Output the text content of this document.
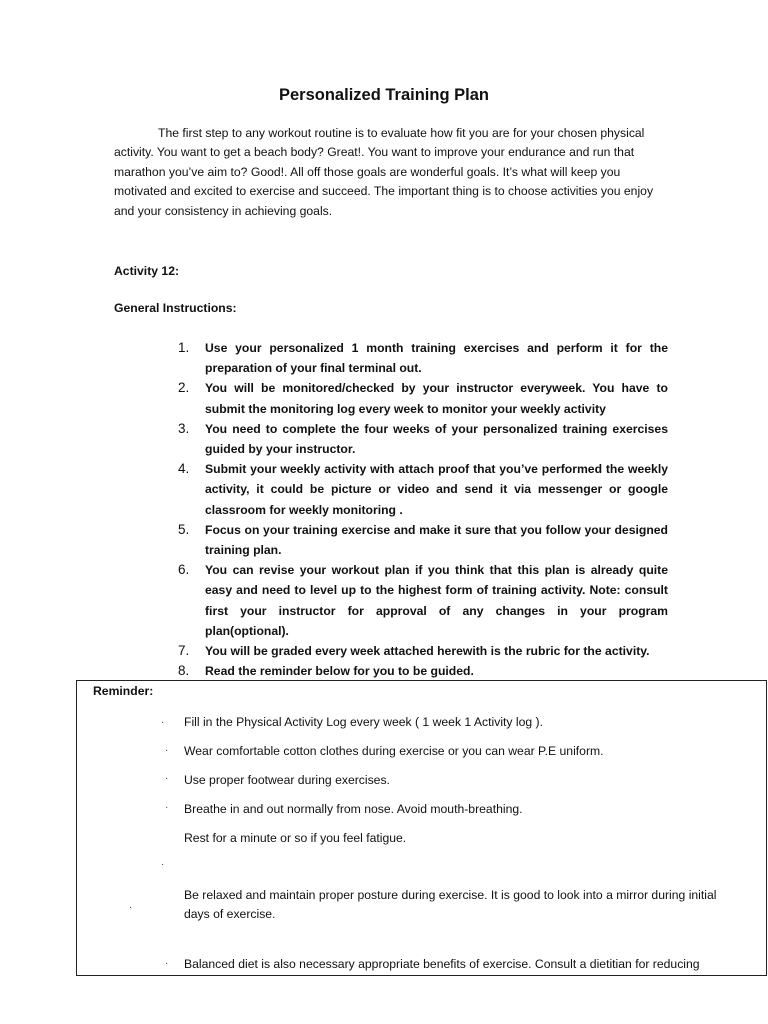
Personalized Training Plan

The first step to any workout routine is to evaluate how fit you are for your chosen physical activity. You want to get a beach body? Great!. You want to improve your endurance and run that marathon you’ve aim to? Good!. All off those goals are wonderful goals. It’s what will keep you motivated and excited to exercise and succeed. The important thing is to choose activities you enjoy and your consistency in achieving goals.

Activity 12:

General Instructions:

1.	Use your personalized 1 month training exercises and perform it for the preparation of your final terminal out.
2.	You will be monitored/checked by your instructor everyweek. You have to submit the monitoring log every week to monitor your weekly activity
3.	You need to complete the four weeks of your personalized training exercises guided by your instructor.
4.	Submit your weekly activity with attach proof that you’ve performed the weekly activity, it could be picture or video and send it via messenger or google classroom for weekly monitoring .
5.	Focus on your training exercise and make it sure that you follow your designed training plan.
6.	You can revise your workout plan if you think that this plan is already quite easy and need to level up to the highest form of training activity. Note: consult first your instructor for approval of any changes in your program plan(optional).
7.	You will be graded every week attached herewith is the rubric for the activity.
8.	Read the reminder below for you to be guided.

Reminder:

· Fill in the Physical Activity Log every week ( 1 week 1 Activity log ).
· Wear comfortable cotton clothes during exercise or you can wear P.E uniform.
· Use proper footwear during exercises.
· Breathe in and out normally from nose. Avoid mouth-breathing.
Rest for a minute or so if you feel fatigue.
·
Be relaxed and maintain proper posture during exercise. It is good to look into a mirror during initial days of exercise.
·
· Balanced diet is also necessary appropriate benefits of exercise. Consult a dietitian for reducing
